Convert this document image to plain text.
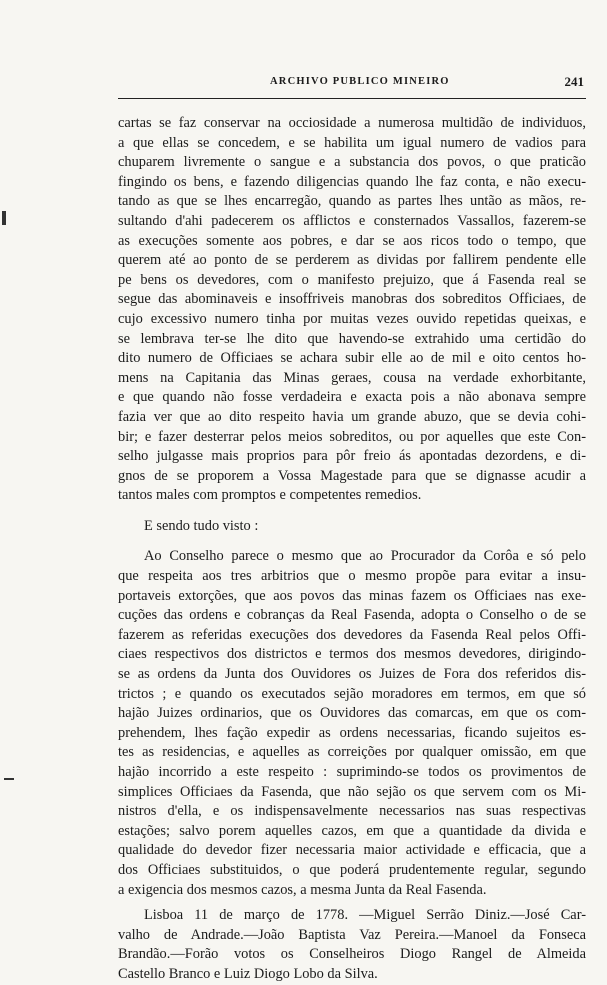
ARCHIVO PUBLICO MINEIRO	241
cartas se faz conservar na occiosidade a numerosa multidão de individuos,
a que ellas se concedem, e se habilita um igual numero de vadios para
chuparem livremente o sangue e a substancia dos povos, o que praticão
fingindo os bens, e fazendo diligencias quando lhe faz conta, e não execu-
tando as que se lhes encarregão, quando as partes lhes untão as mãos, re-
sultando d'ahi padecerem os afflictos e consternados Vassallos, fazerem-se
as execuções somente aos pobres, e dar se aos ricos todo o tempo, que
querem até ao ponto de se perderem as dividas por fallirem pendente elle
pe bens os devedores, com o manifesto prejuizo, que á Fasenda real se
segue das abominaveis e insoffriveis manobras dos sobreditos Officiaes, de
cujo excessivo numero tinha por muitas vezes ouvido repetidas queixas, e
se lembrava ter-se lhe dito que havendo-se extrahido uma certidão do
dito numero de Officiaes se achara subir elle ao de mil e oito centos ho-
mens na Capitania das Minas geraes, cousa na verdade exhorbitante,
e que quando não fosse verdadeira e exacta pois a não abonava sempre
fazia ver que ao dito respeito havia um grande abuzo, que se devia cohi-
bir; e fazer desterrar pelos meios sobreditos, ou por aquelles que este Con-
selho julgasse mais proprios para pôr freio ás apontadas dezordens, e di-
gnos de se proporem a Vossa Magestade para que se dignasse acudir a
tantos males com promptos e competentes remedios.
E sendo tudo visto :
Ao Conselho parece o mesmo que ao Procurador da Corôa e só pelo
que respeita aos tres arbitrios que o mesmo propõe para evitar a insu-
portaveis extorções, que aos povos das minas fazem os Officiaes nas exe-
cuções das ordens e cobranças da Real Fasenda, adopta o Conselho o de se
fazerem as referidas execuções dos devedores da Fasenda Real pelos Offi-
ciaes respectivos dos districtos e termos dos mesmos devedores, dirigindo-
se as ordens da Junta dos Ouvidores os Juizes de Fora dos referidos dis-
trictos ; e quando os executados sejão moradores em termos, em que só
hajão Juizes ordinarios, que os Ouvidores das comarcas, em que os com-
prehendem, lhes fação expedir as ordens necessarias, ficando sujeitos es-
tes as residencias, e aquelles as correições por qualquer omissão, em que
hajão incorrido a este respeito : suprimindo-se todos os provimentos de
simplices Officiaes da Fasenda, que não sejão os que servem com os Mi-
nistros d'ella, e os indispensavelmente necessarios nas suas respectivas
estações; salvo porem aquelles cazos, em que a quantidade da divida e
qualidade do devedor fizer necessaria maior actividade e efficacia, que a
dos Officiaes substituidos, o que poderá prudentemente regular, segundo
a exigencia dos mesmos cazos, a mesma Junta da Real Fasenda.
Lisboa 11 de março de 1778. —Miguel Serrão Diniz.—José Car-
valho de Andrade.—João Baptista Vaz Pereira.—Manoel da Fonseca
Brandão.—Forão votos os Conselheiros Diogo Rangel de Almeida
Castello Branco e Luiz Diogo Lobo da Silva.
